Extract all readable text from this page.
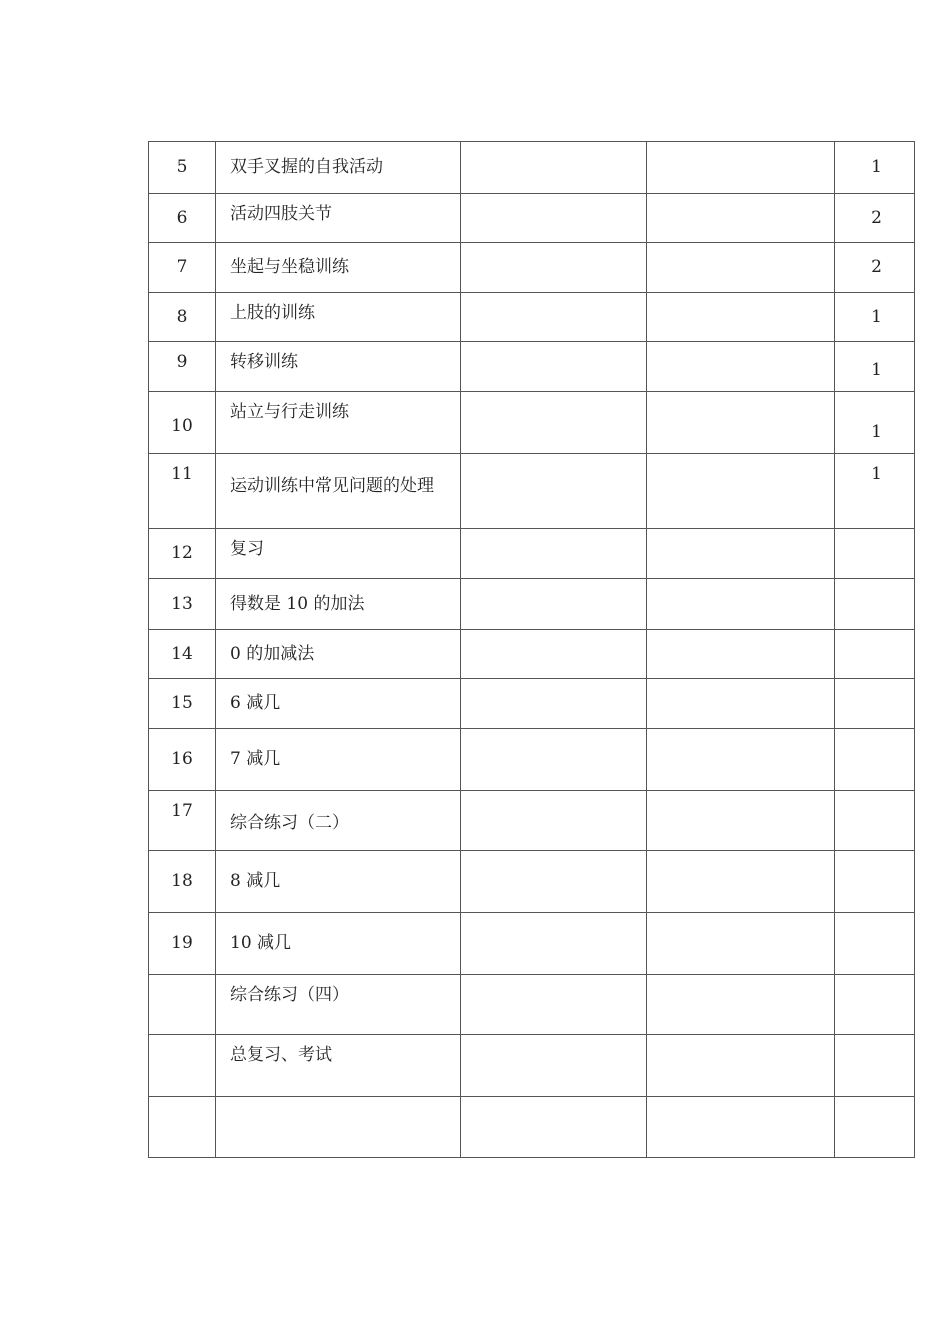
5	双手叉握的自我活动			1
6	活动四肢关节			2
7	坐起与坐稳训练			2
8	上肢的训练			1
9	转移训练			1
10	站立与行走训练			1
11	运动训练中常见问题的处理			1
12	复习			
13	得数是 10 的加法			
14	0 的加减法			
15	6 减几			
16	7 减几			
17	综合练习（二）			
18	8 减几			
19	10 减几			
	综合练习（四）			
	总复习、考试			
